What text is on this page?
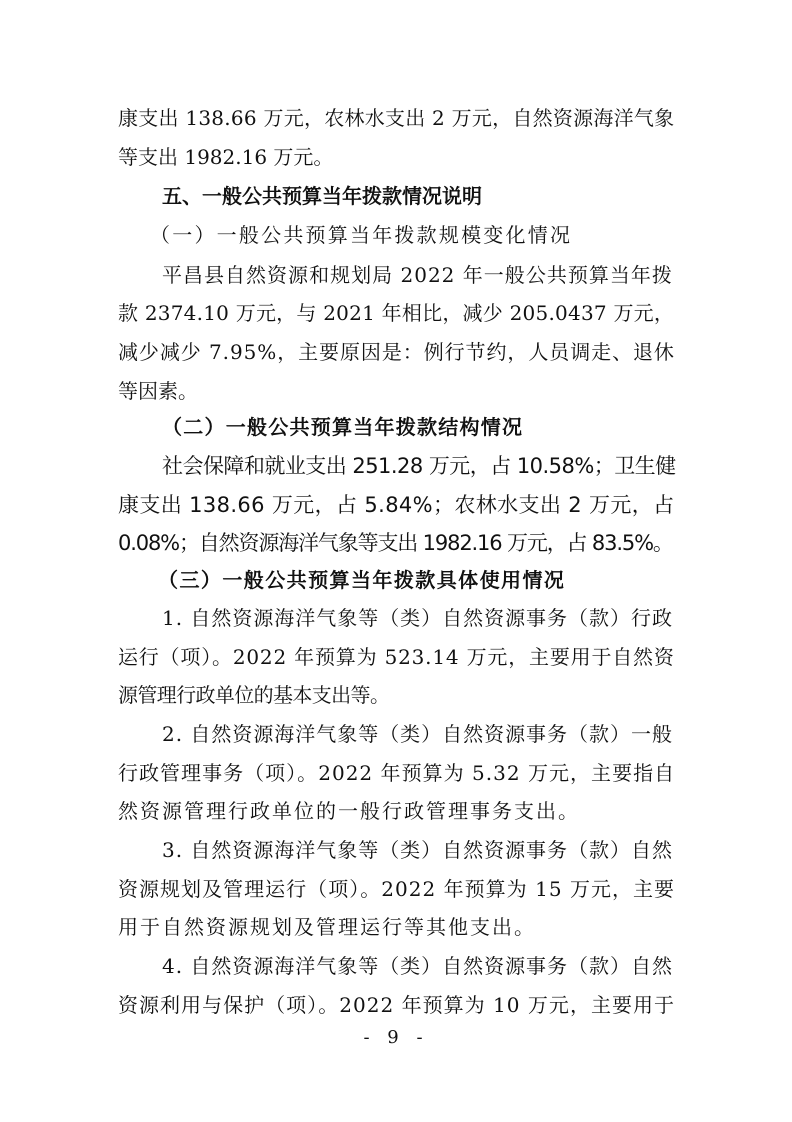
康支出 138.66 万元，农林水支出 2 万元，自然资源海洋气象
等支出 1982.16 万元。
五、一般公共预算当年拨款情况说明
（一）一般公共预算当年拨款规模变化情况
平昌县自然资源和规划局 2022 年一般公共预算当年拨
款 2374.10 万元，与 2021 年相比，减少 205.0437 万元，
减少减少 7.95%，主要原因是：例行节约，人员调走、退休
等因素。
（二）一般公共预算当年拨款结构情况
社会保障和就业支出 251.28 万元，占 10.58%；卫生健
康支出 138.66 万元，占 5.84%；农林水支出 2 万元，占
0.08%；自然资源海洋气象等支出 1982.16 万元，占 83.5%。
（三）一般公共预算当年拨款具体使用情况
1. 自然资源海洋气象等（类）自然资源事务（款）行政
运行（项）。2022 年预算为 523.14 万元，主要用于自然资
源管理行政单位的基本支出等。
2. 自然资源海洋气象等（类）自然资源事务（款）一般
行政管理事务（项）。2022 年预算为 5.32 万元，主要指自
然资源管理行政单位的一般行政管理事务支出。
3. 自然资源海洋气象等（类）自然资源事务（款）自然
资源规划及管理运行（项）。2022 年预算为 15 万元，主要
用于自然资源规划及管理运行等其他支出。
4. 自然资源海洋气象等（类）自然资源事务（款）自然
资源利用与保护（项）。2022 年预算为 10 万元，主要用于
- 9 -
